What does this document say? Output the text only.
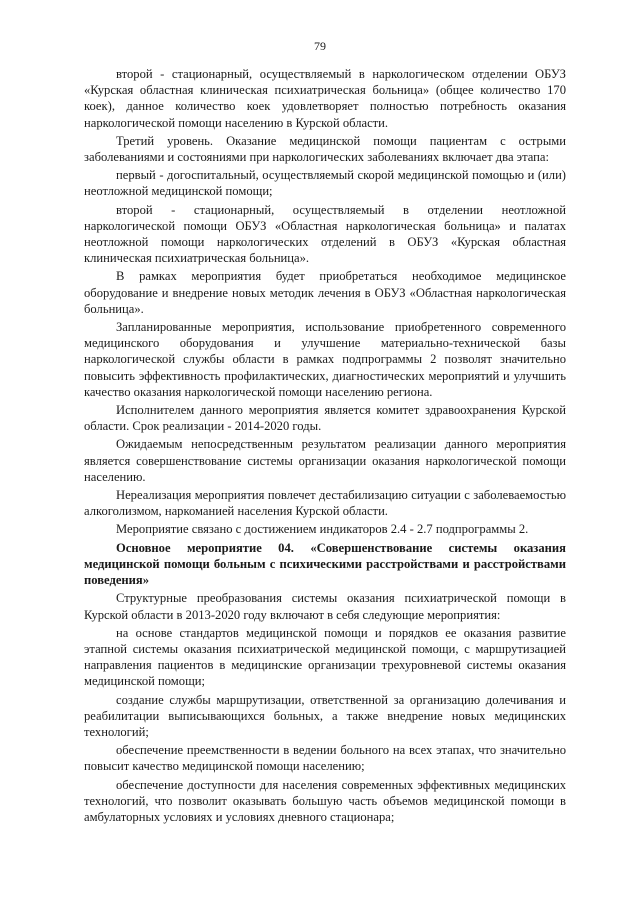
79

второй - стационарный, осуществляемый в наркологическом отделении ОБУЗ «Курская областная клиническая психиатрическая больница» (общее количество 170 коек), данное количество коек удовлетворяет полностью потребность оказания наркологической помощи населению в Курской области.

Третий уровень. Оказание медицинской помощи пациентам с острыми заболеваниями и состояниями при наркологических заболеваниях включает два этапа:

первый - догоспитальный, осуществляемый скорой медицинской помощью и (или) неотложной медицинской помощи;

второй - стационарный, осуществляемый в отделении неотложной наркологической помощи ОБУЗ «Областная наркологическая больница» и палатах неотложной помощи наркологических отделений в ОБУЗ «Курская областная клиническая психиатрическая больница».

В рамках мероприятия будет приобретаться необходимое медицинское оборудование и внедрение новых методик лечения в ОБУЗ «Областная наркологическая больница».

Запланированные мероприятия, использование приобретенного современного медицинского оборудования и улучшение материально-технической базы наркологической службы области в рамках подпрограммы 2 позволят значительно повысить эффективность профилактических, диагностических мероприятий и улучшить качество оказания наркологической помощи населению региона.

Исполнителем данного мероприятия является комитет здравоохранения Курской области. Срок реализации - 2014-2020 годы.

Ожидаемым непосредственным результатом реализации данного мероприятия является совершенствование системы организации оказания наркологической помощи населению.

Нереализация мероприятия повлечет дестабилизацию ситуации с заболеваемостью алкоголизмом, наркоманией населения Курской области.

Мероприятие связано с достижением индикаторов 2.4 - 2.7 подпрограммы 2.

Основное мероприятие 04. «Совершенствование системы оказания медицинской помощи больным с психическими расстройствами и расстройствами поведения»

Структурные преобразования системы оказания психиатрической помощи в Курской области в 2013-2020 году включают в себя следующие мероприятия:

на основе стандартов медицинской помощи и порядков ее оказания развитие этапной системы оказания психиатрической медицинской помощи, с маршрутизацией направления пациентов в медицинские организации трехуровневой системы оказания медицинской помощи;

создание службы маршрутизации, ответственной за организацию долечивания и реабилитации выписывающихся больных, а также внедрение новых медицинских технологий;

обеспечение преемственности в ведении больного на всех этапах, что значительно повысит качество медицинской помощи населению;

обеспечение доступности для населения современных эффективных медицинских технологий, что позволит оказывать большую часть объемов медицинской помощи в амбулаторных условиях и условиях дневного стационара;
